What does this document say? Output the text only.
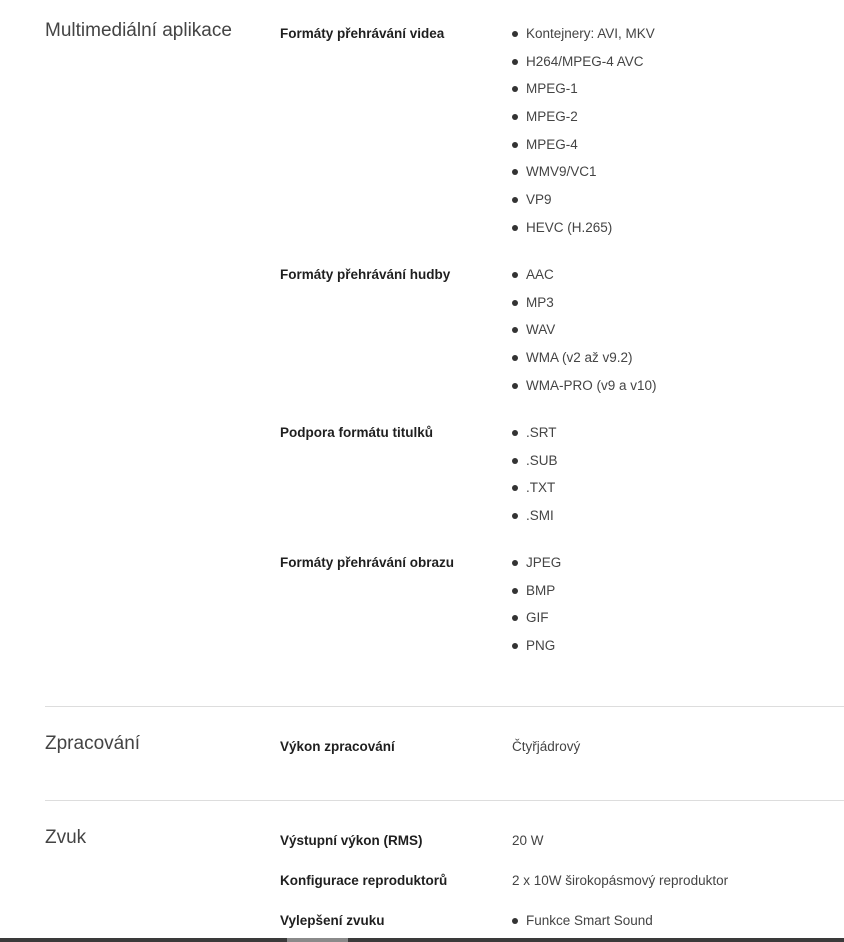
Multimediální aplikace	Formáty přehrávání videa	Kontejnery: AVI, MKV
H264/MPEG-4 AVC
MPEG-1
MPEG-2
MPEG-4
WMV9/VC1
VP9
HEVC (H.265)
Formáty přehrávání hudby	AAC
MP3
WAV
WMA (v2 až v9.2)
WMA-PRO (v9 a v10)
Podpora formátu titulků	.SRT
.SUB
.TXT
.SMI
Formáty přehrávání obrazu	JPEG
BMP
GIF
PNG
Zpracování	Výkon zpracování	Čtyřjádrový
Zvuk	Výstupní výkon (RMS)	20 W
Konfigurace reproduktorů	2 x 10W širokopásmový reproduktor
Vylepšení zvuku	Funkce Smart Sound
